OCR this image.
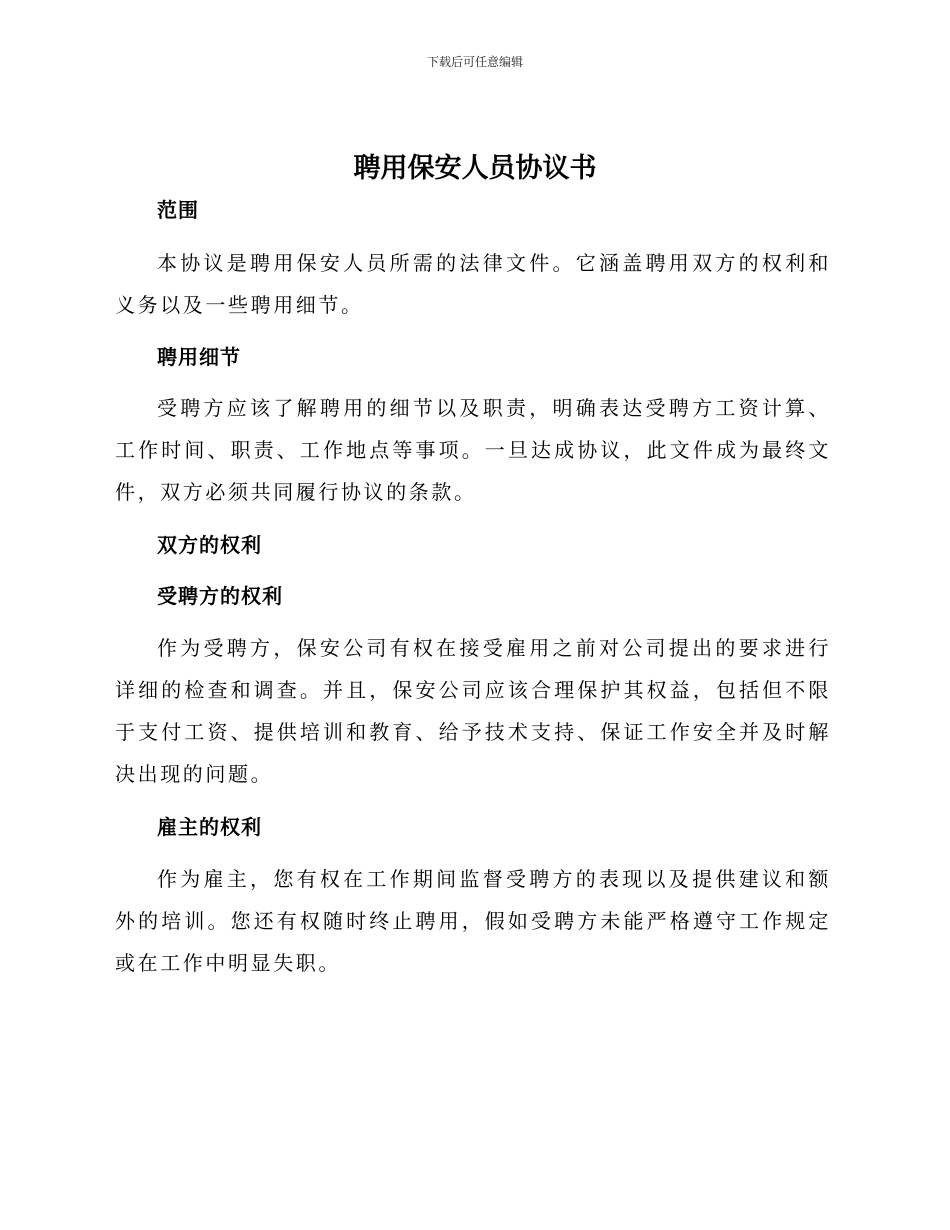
下载后可任意编辑
聘用保安人员协议书
范围

本协议是聘用保安人员所需的法律文件。它涵盖聘用双方的权利和义务以及一些聘用细节。

聘用细节

受聘方应该了解聘用的细节以及职责，明确表达受聘方工资计算、工作时间、职责、工作地点等事项。一旦达成协议，此文件成为最终文件，双方必须共同履行协议的条款。

双方的权利
受聘方的权利

作为受聘方，保安公司有权在接受雇用之前对公司提出的要求进行详细的检查和调查。并且，保安公司应该合理保护其权益，包括但不限于支付工资、提供培训和教育、给予技术支持、保证工作安全并及时解决出现的问题。

雇主的权利

作为雇主，您有权在工作期间监督受聘方的表现以及提供建议和额外的培训。您还有权随时终止聘用，假如受聘方未能严格遵守工作规定或在工作中明显失职。
